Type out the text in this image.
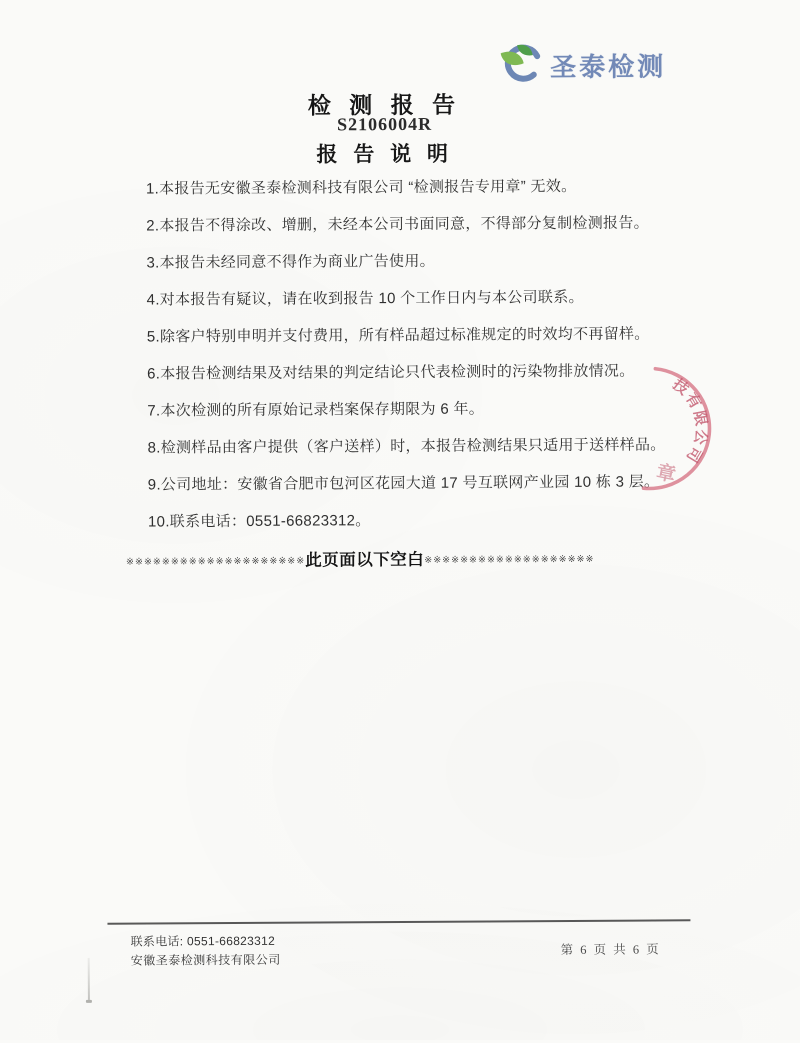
圣泰检测
检 测 报 告
S2106004R
报 告 说 明
1.本报告无安徽圣泰检测科技有限公司 “检测报告专用章” 无效。
2.本报告不得涂改、增删，未经本公司书面同意，不得部分复制检测报告。
3.本报告未经同意不得作为商业广告使用。
4.对本报告有疑议，请在收到报告 10 个工作日内与本公司联系。
5.除客户特别申明并支付费用，所有样品超过标准规定的时效均不再留样。
6.本报告检测结果及对结果的判定结论只代表检测时的污染物排放情况。
7.本次检测的所有原始记录档案保存期限为 6 年。
8.检测样品由客户提供（客户送样）时，本报告检测结果只适用于送样样品。
9.公司地址：安徽省合肥市包河区花园大道 17 号互联网产业园 10 栋 3 层。
10.联系电话：0551-66823312。
※※※※※※※※※※※※※※※※※※※※此页面以下空白※※※※※※※※※※※※※※※※※※※
技有限公司
章
联系电话: 0551-66823312
安徽圣泰检测科技有限公司
第 6 页 共 6 页
